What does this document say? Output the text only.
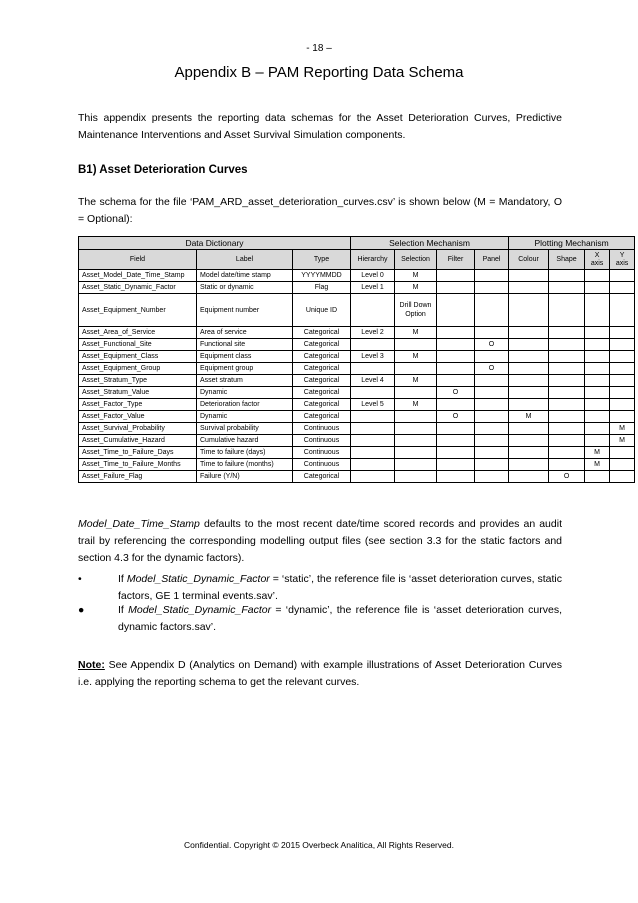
- 18 –
Appendix B – PAM Reporting Data Schema
This appendix presents the reporting data schemas for the Asset Deterioration Curves, Predictive Maintenance Interventions and Asset Survival Simulation components.
B1) Asset Deterioration Curves
The schema for the file ‘PAM_ARD_asset_deterioration_curves.csv’ is shown below (M = Mandatory, O = Optional):
Data Dictionary			Selection Mechanism				Plotting Mechanism			
Field	Label	Type	Hierarchy	Selection	Filter	Panel	Colour	Shape	X axis	Y axis
Asset_Model_Date_Time_Stamp	Model date/time stamp	YYYYMMDD	Level 0	M						
Asset_Static_Dynamic_Factor	Static or dynamic	Flag	Level 1	M						
Asset_Equipment_Number	Equipment number	Unique ID		Drill Down Option						
Asset_Area_of_Service	Area of service	Categorical	Level 2	M						
Asset_Functional_Site	Functional site	Categorical				O				
Asset_Equipment_Class	Equipment class	Categorical	Level 3	M						
Asset_Equipment_Group	Equipment group	Categorical				O				
Asset_Stratum_Type	Asset stratum	Categorical	Level 4	M						
Asset_Stratum_Value	Dynamic	Categorical			O					
Asset_Factor_Type	Deterioration factor	Categorical	Level 5	M						
Asset_Factor_Value	Dynamic	Categorical			O		M			
Asset_Survival_Probability	Survival probability	Continuous								M
Asset_Cumulative_Hazard	Cumulative hazard	Continuous								M
Asset_Time_to_Failure_Days	Time to failure (days)	Continuous							M	
Asset_Time_to_Failure_Months	Time to failure (months)	Continuous							M	
Asset_Failure_Flag	Failure (Y/N)	Categorical						O		
Model_Date_Time_Stamp defaults to the most recent date/time scored records and provides an audit trail by referencing the corresponding modelling output files (see section 3.3 for the static factors and section 4.3 for the dynamic factors).
•	If Model_Static_Dynamic_Factor = ‘static’, the reference file is ‘asset deterioration curves, static factors, GE 1 terminal events.sav’.
●	If Model_Static_Dynamic_Factor = ‘dynamic’, the reference file is ‘asset deterioration curves, dynamic factors.sav’.
Note: See Appendix D (Analytics on Demand) with example illustrations of Asset Deterioration Curves i.e. applying the reporting schema to get the relevant curves.
Confidential. Copyright © 2015 Overbeck Analitica, All Rights Reserved.
